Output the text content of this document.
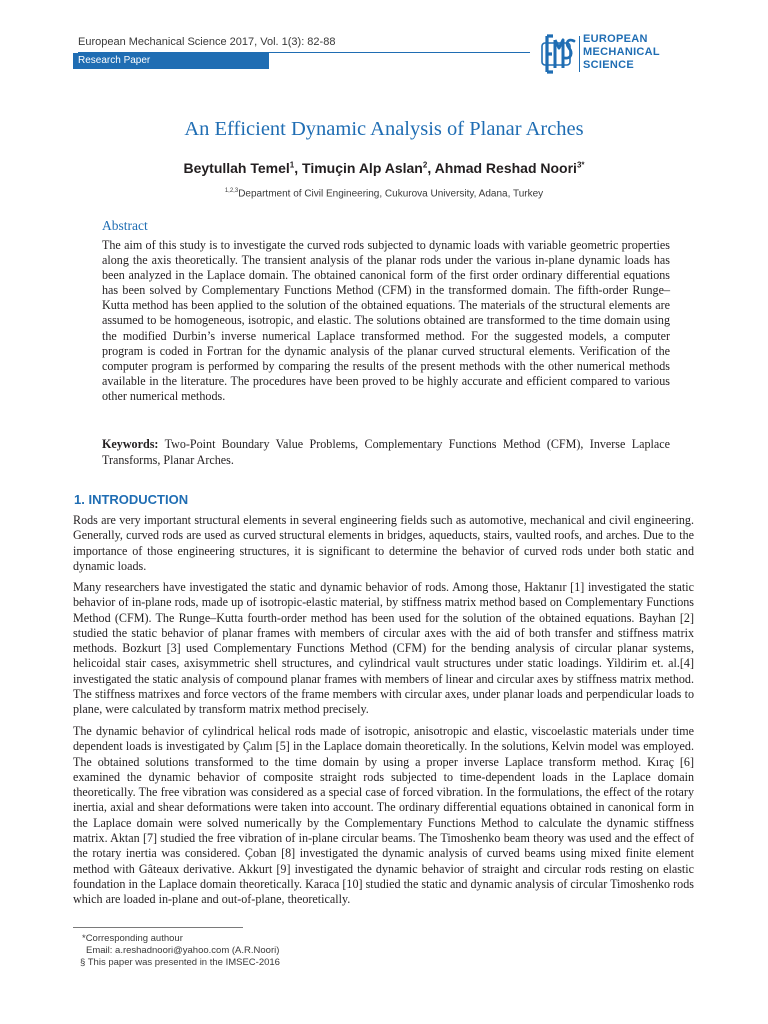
European Mechanical Science 2017, Vol. 1(3): 82-88
Research Paper
EUROPEAN
MECHANICAL
SCIENCE
An Efficient Dynamic Analysis of Planar Arches
Beytullah Temel$^1$, Timuçin Alp Aslan$^2$, Ahmad Reshad Noori$^{3*}$
$^{1,2,3}$Department of Civil Engineering, Cukurova University, Adana, Turkey
Abstract

The aim of this study is to investigate the curved rods subjected to dynamic loads with variable geometric properties along the axis theoretically. The transient analysis of the planar rods under the various in-plane dynamic loads has been analyzed in the Laplace domain. The obtained canonical form of the first order ordinary differential equations has been solved by Complementary Functions Method (CFM) in the transformed domain. The fifth-order Runge–Kutta method has been applied to the solution of the obtained equations. The materials of the structural elements are assumed to be homogeneous, isotropic, and elastic. The solutions obtained are transformed to the time domain using the modified Durbin’s inverse numerical Laplace transformed method. For the suggested models, a computer program is coded in Fortran for the dynamic analysis of the planar curved structural elements. Verification of the computer program is performed by comparing the results of the present methods with the other numerical methods available in the literature. The procedures have been proved to be highly accurate and efficient compared to various other numerical methods.

Keywords: Two-Point Boundary Value Problems, Complementary Functions Method (CFM), Inverse Laplace Transforms, Planar Arches.

1. INTRODUCTION

Rods are very important structural elements in several engineering fields such as automotive, mechanical and civil engineering. Generally, curved rods are used as curved structural elements in bridges, aqueducts, stairs, vaulted roofs, and arches. Due to the importance of those engineering structures, it is significant to determine the behavior of curved rods under both static and dynamic loads.

Many researchers have investigated the static and dynamic behavior of rods. Among those, Haktanır [1] investigated the static behavior of in-plane rods, made up of isotropic-elastic material, by stiffness matrix method based on Complementary Functions Method (CFM). The Runge–Kutta fourth-order method has been used for the solution of the obtained equations. Bayhan [2] studied the static behavior of planar frames with members of circular axes with the aid of both transfer and stiffness matrix methods. Bozkurt [3] used Complementary Functions Method (CFM) for the bending analysis of circular planar systems, helicoidal stair cases, axisymmetric shell structures, and cylindrical vault structures under static loadings. Yildirim et. al.[4] investigated the static analysis of compound planar frames with members of linear and circular axes by stiffness matrix method. The stiffness matrixes and force vectors of the frame members with circular axes, under planar loads and perpendicular loads to plane, were calculated by transform matrix method precisely.

The dynamic behavior of cylindrical helical rods made of isotropic, anisotropic and elastic, viscoelastic materials under time dependent loads is investigated by Çalım [5] in the Laplace domain theoretically. In the solutions, Kelvin model was employed. The obtained solutions transformed to the time domain by using a proper inverse Laplace transform method. Kıraç [6] examined the dynamic behavior of composite straight rods subjected to time-dependent loads in the Laplace domain theoretically. The free vibration was considered as a special case of forced vibration. In the formulations, the effect of the rotary inertia, axial and shear deformations were taken into account. The ordinary differential equations obtained in canonical form in the Laplace domain were solved numerically by the Complementary Functions Method to calculate the dynamic stiffness matrix. Aktan [7] studied the free vibration of in-plane circular beams. The Timoshenko beam theory was used and the effect of the rotary inertia was considered. Çoban [8] investigated the dynamic analysis of curved beams using mixed finite element method with Gâteaux derivative. Akkurt [9] investigated the dynamic behavior of straight and circular rods resting on elastic foundation in the Laplace domain theoretically. Karaca [10] studied the static and dynamic analysis of circular Timoshenko rods which are loaded in-plane and out-of-plane, theoretically.

*Corresponding authour
Email: a.reshadnoori@yahoo.com (A.R.Noori)
§ This paper was presented in the IMSEC-2016
